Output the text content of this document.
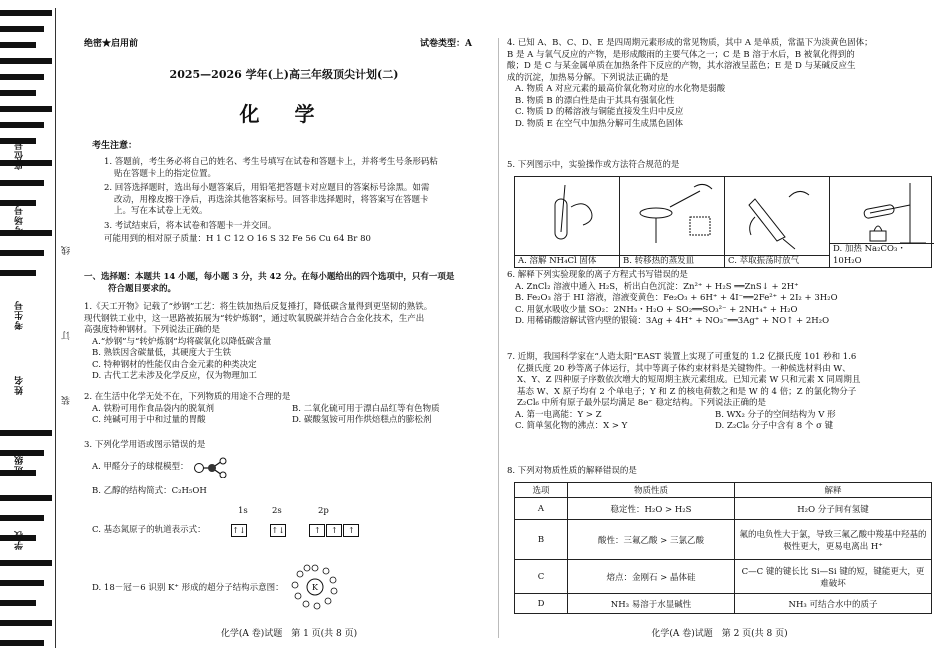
座位号
考场号
考生号
姓名
班级
学校
线
订
装
绝密★启用前	试卷类型：A
2025—2026 学年(上)高三年级顶尖计划(二)
化 学
考生注意：
1. 答题前，考生务必将自己的姓名、考生号填写在试卷和答题卡上，并将考生号条形码粘
贴在答题卡上的指定位置。
2. 回答选择题时，选出每小题答案后，用铅笔把答题卡对应题目的答案标号涂黑。如需
改动，用橡皮擦干净后，再选涂其他答案标号。回答非选择题时，将答案写在答题卡
上。写在本试卷上无效。
3. 考试结束后，将本试卷和答题卡一并交回。
可能用到的相对原子质量：H 1 C 12 O 16 S 32 Fe 56 Cu 64 Br 80
一、选择题：本题共 14 小题，每小题 3 分，共 42 分。在每小题给出的四个选项中，只有一项是
符合题目要求的。
1.《天工开物》记载了“炒钢”工艺：将生铁加热后反复捶打，降低碳含量得到更坚韧的熟铁。
现代钢铁工业中，这一思路被拓展为“转炉炼钢”，通过吹氧脱碳并结合合金化技术，生产出
高强度特种钢材。下列说法正确的是
A.“炒钢”与“转炉炼钢”均将碳氧化以降低碳含量
B. 熟铁因含碳量低，其硬度大于生铁
C. 特种钢材的性能仅由合金元素的种类决定
D. 古代工艺未涉及化学反应，仅为物理加工
2. 在生活中化学无处不在，下列物质的用途不合理的是
A. 铁粉可用作食品袋内的脱氧剂	B. 二氧化硫可用于漂白品红等有色物质
C. 纯碱可用于中和过量的胃酸	D. 碳酸氢铵可用作烘焙糕点的膨松剂
3. 下列化学用语或图示错误的是
A. 甲醛分子的球棍模型：
B. 乙醇的结构简式：C₂H₅OH
1s	2s	2p
C. 基态氮原子的轨道表示式：	↑↓	↑↓	↑ ↑ ↑
D. 18－冠－6 识别 K⁺ 形成的超分子结构示意图：	K
化学(A 卷)试题　第 1 页(共 8 页)
4. 已知 A、B、C、D、E 是四周期元素形成的常见物质，其中 A 是单质，常温下为淡黄色固体；
B 是 A 与氧气反应的产物，是形成酸雨的主要气体之一；C 是 B 溶于水后，B 被氧化得到的
酸；D 是 C 与某金属单质在加热条件下反应的产物，其水溶液呈蓝色；E 是 D 与某碱反应生
成的沉淀，加热易分解。下列说法正确的是
A. 物质 A 对应元素的最高价氧化物对应的水化物是弱酸
B. 物质 B 的漂白性是由于其具有强氧化性
C. 物质 D 的稀溶液与铜能直接发生归中反应
D. 物质 E 在空气中加热分解可生成黑色固体
5. 下列图示中，实验操作或方法符合规范的是
A. 溶解 NH₄Cl 固体	B. 转移热的蒸发皿	C. 萃取振荡时放气
D. 加热 Na₂CO₃・10H₂O
6. 解释下列实验现象的离子方程式书写错误的是
A. ZnCl₂ 溶液中通入 H₂S，析出白色沉淀：Zn²⁺ + H₂S ══ZnS↓ + 2H⁺
B. Fe₂O₃ 溶于 HI 溶液，溶液变黄色：Fe₂O₃ + 6H⁺ + 4I⁻══2Fe²⁺ + 2I₂ + 3H₂O
C. 用氨水吸收少量 SO₂：2NH₃・H₂O + SO₂══SO₃²⁻ + 2NH₄⁺ + H₂O
D. 用稀硝酸溶解试管内壁的银镜：3Ag + 4H⁺ + NO₃⁻══3Ag⁺ + NO↑ + 2H₂O
7. 近期，我国科学家在“人造太阳”EAST 装置上实现了可重复的 1.2 亿摄氏度 101 秒和 1.6
亿摄氏度 20 秒等离子体运行，其中等离子体约束材料是关键物件。一种候选材料由 W、
X、Y、Z 四种原子序数依次增大的短周期主族元素组成。已知元素 W 只和元素 X 同周期且
基态 W、X 原子均有 2 个单电子；Y 和 Z 的核电荷数之和是 W 的 4 倍；Z 的氯化物分子
Z₂Cl₆ 中所有原子最外层均满足 8e⁻ 稳定结构。下列说法正确的是
A. 第一电离能：Y > Z	B. WX₂ 分子的空间结构为 V 形
C. 简单氢化物的沸点：X > Y	D. Z₂Cl₆ 分子中含有 8 个 σ 键
8. 下列对物质性质的解释错误的是
选项	物质性质	解释
A	稳定性：H₂O > H₂S	H₂O 分子间有氢键
B	酸性：三氟乙酸 > 三氯乙酸	氟的电负性大于氯，导致三氟乙酸中羧基中羟基的极性更大，更易电离出 H⁺
C	熔点：金刚石 > 晶体硅	C—C 键的键长比 Si—Si 键的短，键能更大，更难破坏
D	NH₃ 易溶于水显碱性	NH₃ 可结合水中的质子
化学(A 卷)试题　第 2 页(共 8 页)
